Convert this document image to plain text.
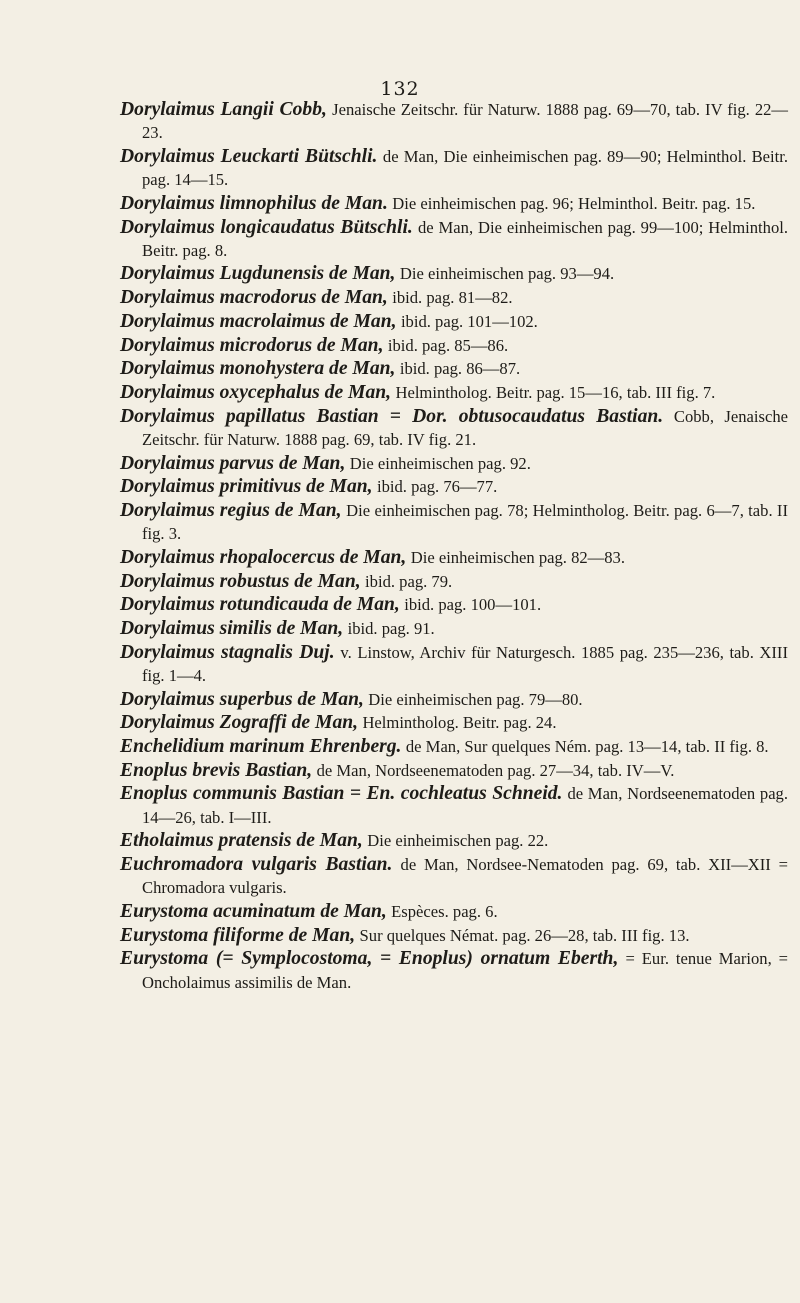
132

Dorylaimus Langii Cobb, Jenaische Zeitschr. für Naturw. 1888 pag. 69—70, tab. IV fig. 22—23.

Dorylaimus Leuckarti Bütschli. de Man, Die einheimischen pag. 89—90; Helminthol. Beitr. pag. 14—15.

Dorylaimus limnophilus de Man. Die einheimischen pag. 96; Helminthol. Beitr. pag. 15.

Dorylaimus longicaudatus Bütschli. de Man, Die einheimischen pag. 99—100; Helminthol. Beitr. pag. 8.

Dorylaimus Lugdunensis de Man, Die einheimischen pag. 93—94.

Dorylaimus macrodorus de Man, ibid. pag. 81—82.

Dorylaimus macrolaimus de Man, ibid. pag. 101—102.

Dorylaimus microdorus de Man, ibid. pag. 85—86.

Dorylaimus monohystera de Man, ibid. pag. 86—87.

Dorylaimus oxycephalus de Man, Helmintholog. Beitr. pag. 15—16, tab. III fig. 7.

Dorylaimus papillatus Bastian = Dor. obtusocaudatus Bastian. Cobb, Jenaische Zeitschr. für Naturw. 1888 pag. 69, tab. IV fig. 21.

Dorylaimus parvus de Man, Die einheimischen pag. 92.

Dorylaimus primitivus de Man, ibid. pag. 76—77.

Dorylaimus regius de Man, Die einheimischen pag. 78; Helmintholog. Beitr. pag. 6—7, tab. II fig. 3.

Dorylaimus rhopalocercus de Man, Die einheimischen pag. 82—83.

Dorylaimus robustus de Man, ibid. pag. 79.

Dorylaimus rotundicauda de Man, ibid. pag. 100—101.

Dorylaimus similis de Man, ibid. pag. 91.

Dorylaimus stagnalis Duj. v. Linstow, Archiv für Naturgesch. 1885 pag. 235—236, tab. XIII fig. 1—4.

Dorylaimus superbus de Man, Die einheimischen pag. 79—80.

Dorylaimus Zograffi de Man, Helmintholog. Beitr. pag. 24.

Enchelidium marinum Ehrenberg. de Man, Sur quelques Ném. pag. 13—14, tab. II fig. 8.

Enoplus brevis Bastian, de Man, Nordseenematoden pag. 27—34, tab. IV—V.

Enoplus communis Bastian = En. cochleatus Schneid. de Man, Nordseenematoden pag. 14—26, tab. I—III.

Etholaimus pratensis de Man, Die einheimischen pag. 22.

Euchromadora vulgaris Bastian. de Man, Nordsee-Nematoden pag. 69, tab. XII—XII = Chromadora vulgaris.

Eurystoma acuminatum de Man, Espèces. pag. 6.

Eurystoma filiforme de Man, Sur quelques Némat. pag. 26—28, tab. III fig. 13.

Eurystoma (= Symplocostoma, = Enoplus) ornatum Eberth, = Eur. tenue Marion, = Oncholaimus assimilis de Man.
